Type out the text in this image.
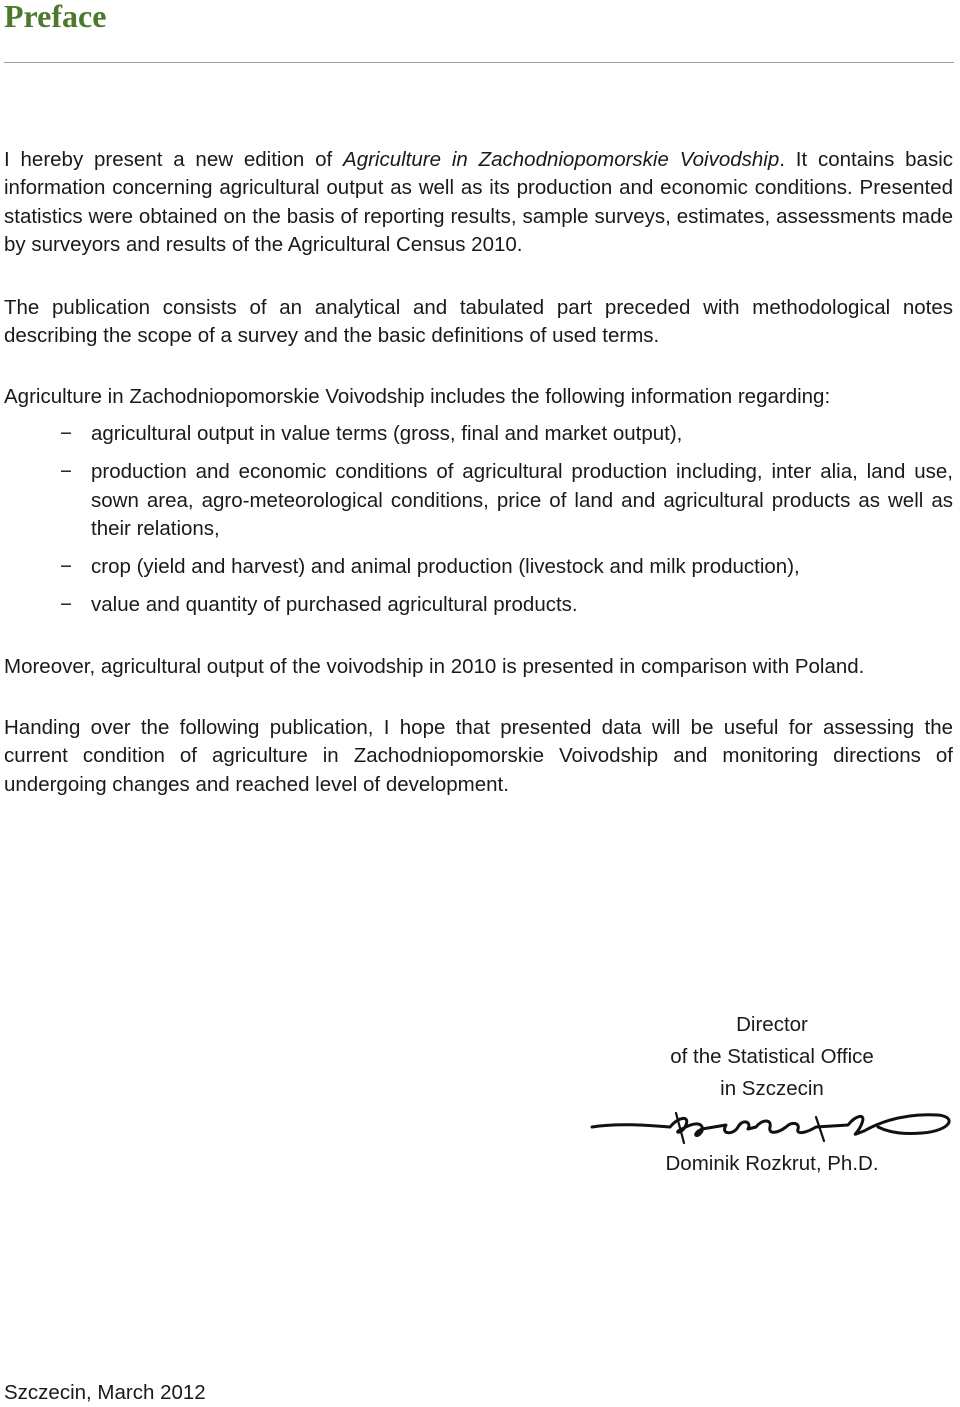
Preface

I hereby present a new edition of Agriculture in Zachodniopomorskie Voivodship. It contains basic information concerning agricultural output as well as its production and economic conditions. Presented statistics were obtained on the basis of reporting results, sample surveys, estimates, assessments made by surveyors and results of the Agricultural Census 2010.

The publication consists of an analytical and tabulated part preceded with methodological notes describing the scope of a survey and the basic definitions of used terms.

Agriculture in Zachodniopomorskie Voivodship includes the following information regarding:

− agricultural output in value terms (gross, final and market output),
− production and economic conditions of agricultural production including, inter alia, land use, sown area, agro-meteorological conditions, price of land and agricultural products as well as their relations,
− crop (yield and harvest) and animal production (livestock and milk production),
− value and quantity of purchased agricultural products.

Moreover, agricultural output of the voivodship in 2010 is presented in comparison with Poland.

Handing over the following publication, I hope that presented data will be useful for assessing the current condition of agriculture in Zachodniopomorskie Voivodship and monitoring directions of undergoing changes and reached level of development.

Director

of the Statistical Office

in Szczecin

Dominik Rozkrut, Ph.D.
Szczecin, March 2012
